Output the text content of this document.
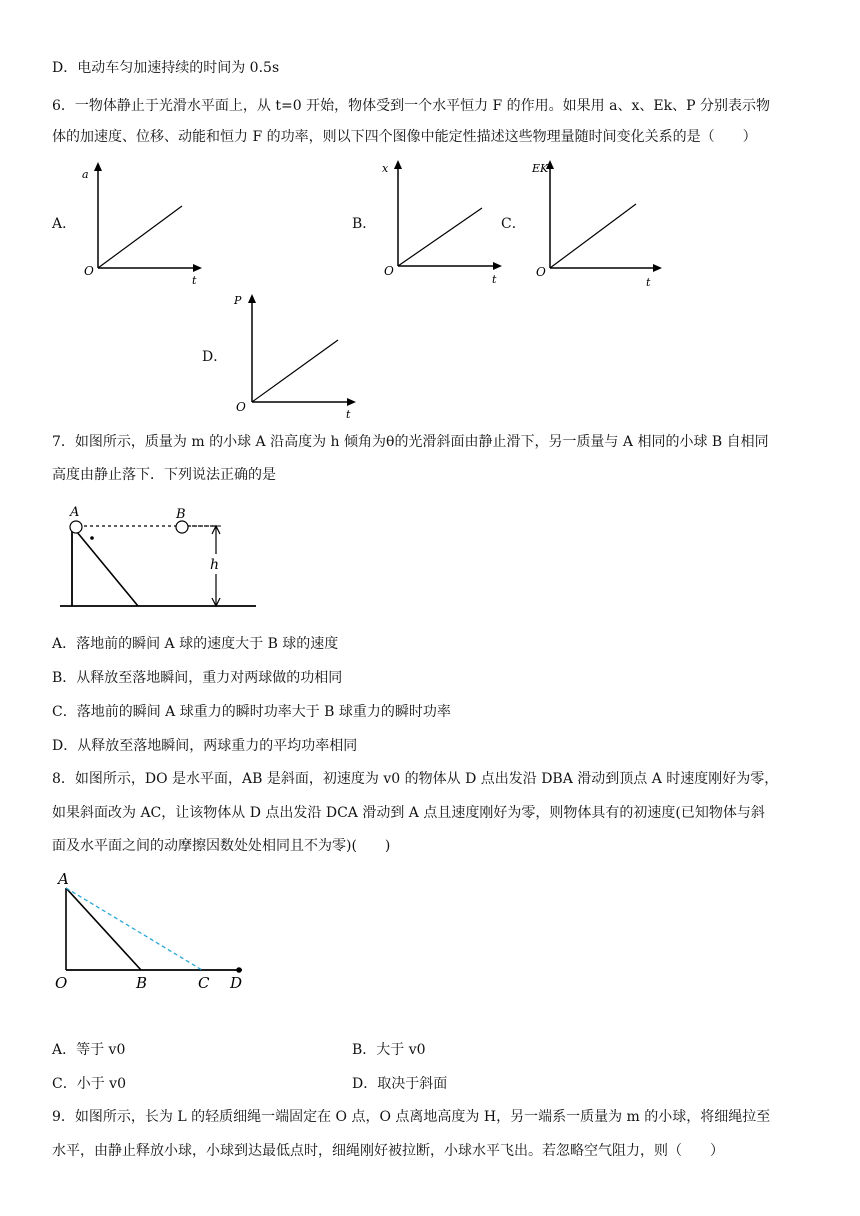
D．电动车匀加速持续的时间为 0.5s
6．一物体静止于光滑水平面上，从 t=0 开始，物体受到一个水平恒力 F 的作用。如果用 a、x、Ek、P 分别表示物
体的加速度、位移、动能和恒力 F 的功率，则以下四个图像中能定性描述这些物理量随时间变化关系的是（　　）
A．
a
O
t
B．
x
O
t
C．
EK
O
t
D．
P
O
t
7．如图所示，质量为 m 的小球 A 沿高度为 h 倾角为θ的光滑斜面由静止滑下，另一质量与 A 相同的小球 B 自相同
高度由静止落下．下列说法正确的是
A	B
h
A．落地前的瞬间 A 球的速度大于 B 球的速度
B．从释放至落地瞬间，重力对两球做的功相同
C．落地前的瞬间 A 球重力的瞬时功率大于 B 球重力的瞬时功率
D．从释放至落地瞬间，两球重力的平均功率相同
8．如图所示，DO 是水平面，AB 是斜面，初速度为 v0 的物体从 D 点出发沿 DBA 滑动到顶点 A 时速度刚好为零，
如果斜面改为 AC，让该物体从 D 点出发沿 DCA 滑动到 A 点且速度刚好为零，则物体具有的初速度(已知物体与斜
面及水平面之间的动摩擦因数处处相同且不为零)(　　)
A
O	B	C D
A．等于 v0	B．大于 v0
C．小于 v0	D．取决于斜面
9．如图所示，长为 L 的轻质细绳一端固定在 O 点，O 点离地高度为 H，另一端系一质量为 m 的小球，将细绳拉至
水平，由静止释放小球，小球到达最低点时，细绳刚好被拉断，小球水平飞出。若忽略空气阻力，则（　　）
